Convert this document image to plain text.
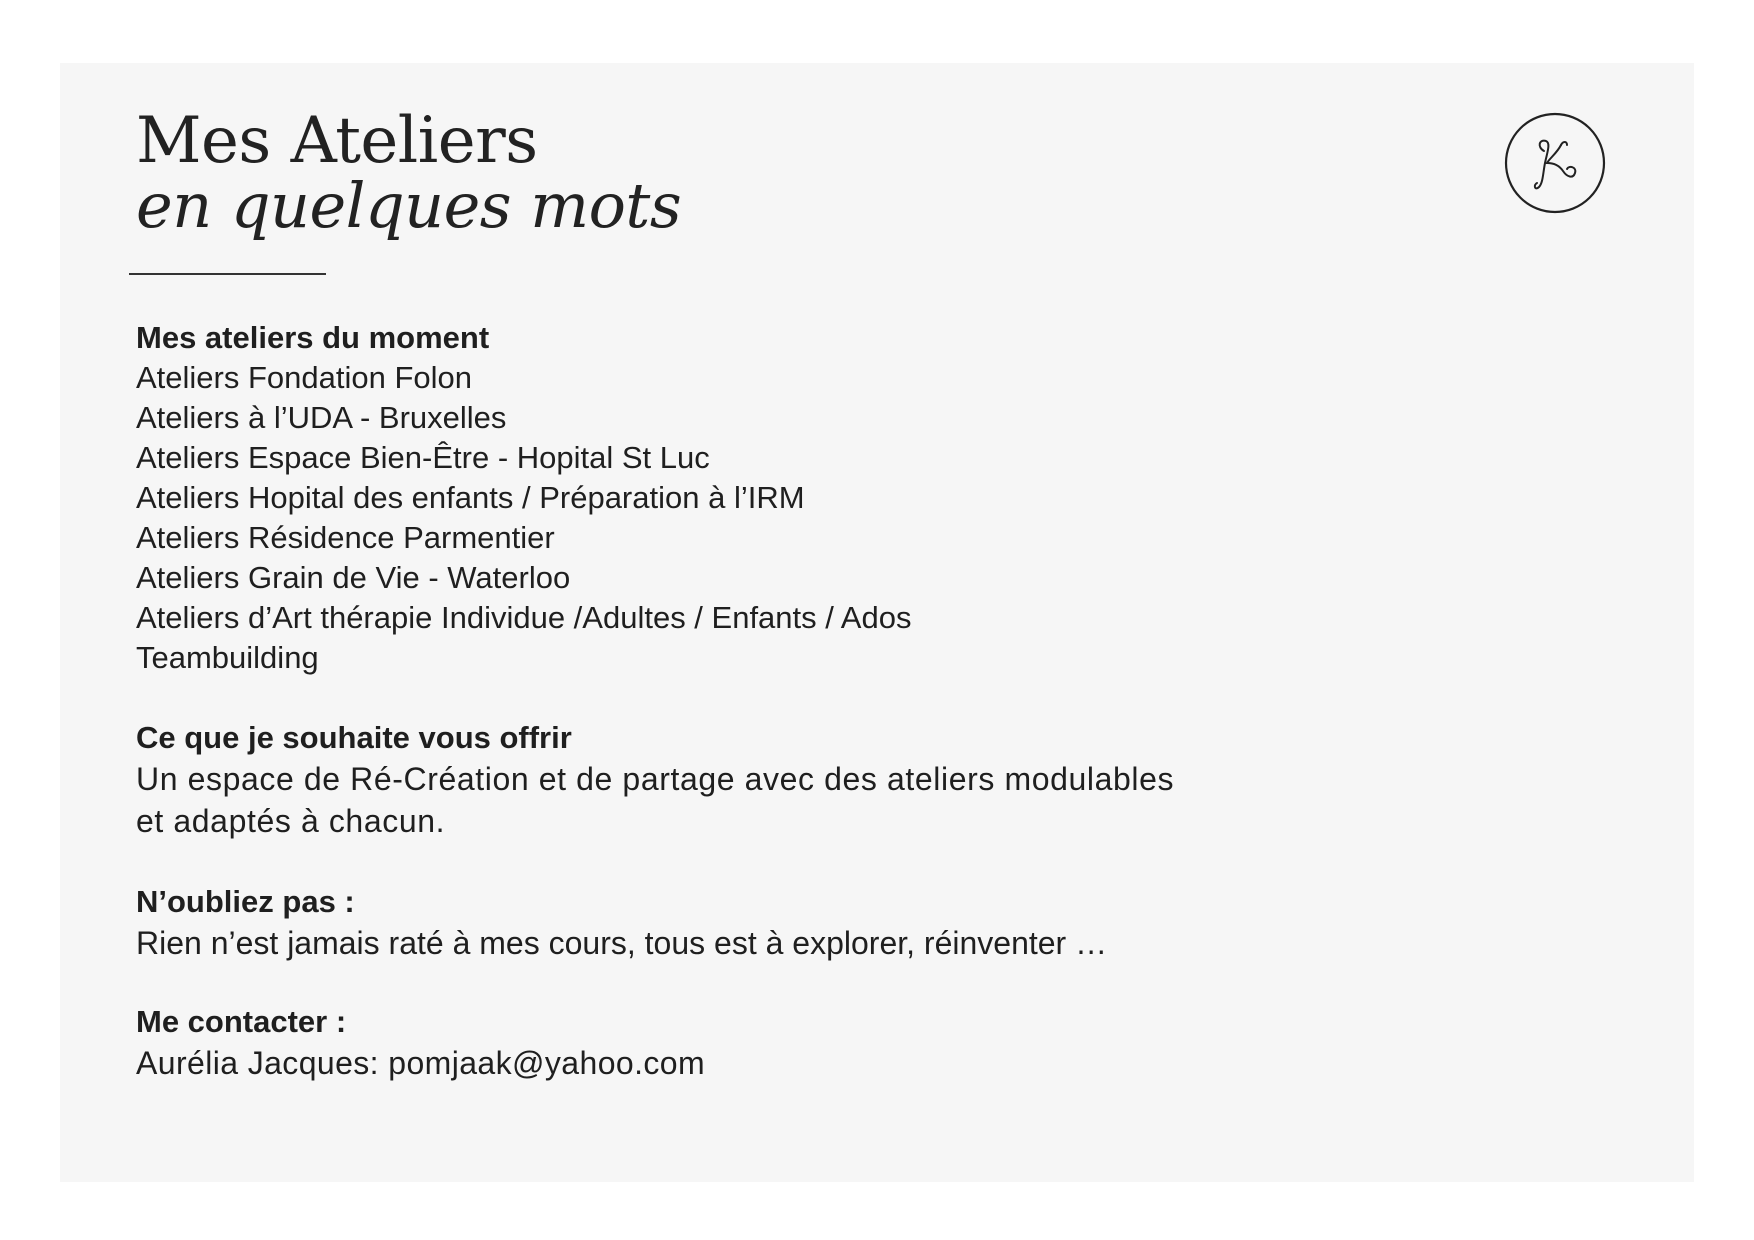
Mes Ateliers
en quelques mots

Mes ateliers du moment

Ateliers Fondation Folon
Ateliers à l’UDA - Bruxelles
Ateliers Espace Bien-Être - Hopital St Luc
Ateliers Hopital des enfants / Préparation à l’IRM
Ateliers Résidence Parmentier
Ateliers Grain de Vie - Waterloo
Ateliers d’Art thérapie Individue /Adultes / Enfants / Ados
Teambuilding

Ce que je souhaite vous offrir

Un espace de Ré-Création et de partage avec des ateliers modulables

et adaptés à chacun.

N’oubliez pas :

Rien n’est jamais raté à mes cours, tous est à explorer, réinventer …

Me contacter :

Aurélia Jacques: pomjaak@yahoo.com
